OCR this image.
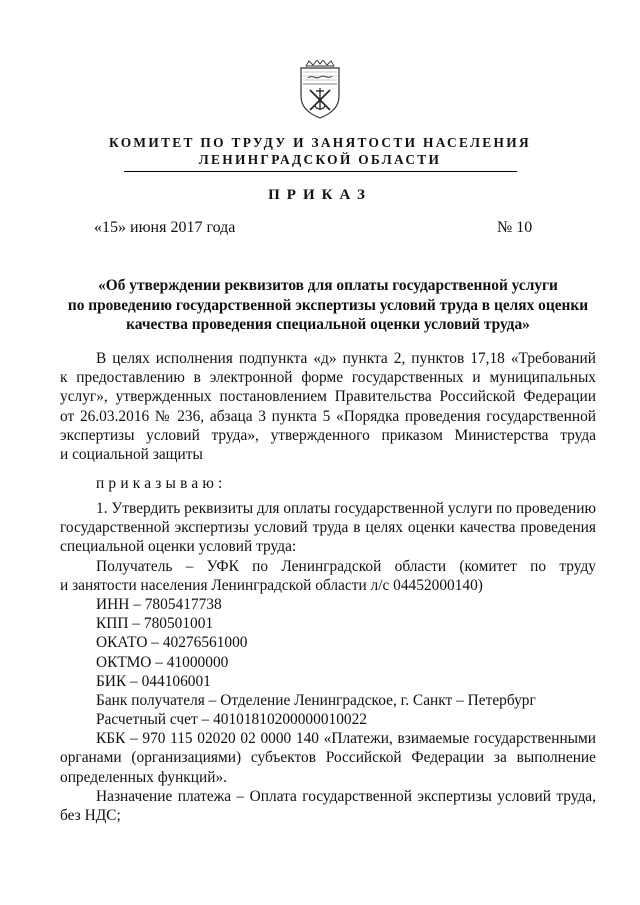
КОМИТЕТ ПО ТРУДУ И ЗАНЯТОСТИ НАСЕЛЕНИЯ
ЛЕНИНГРАДСКОЙ ОБЛАСТИ
ПРИКАЗ
«15» июня 2017 года	№ 10
«Об утверждении реквизитов для оплаты государственной услуги
по проведению государственной экспертизы условий труда в целях оценки
качества проведения специальной оценки условий труда»
В целях исполнения подпункта «д» пункта 2, пунктов 17,18 «Требований
к предоставлению в электронной форме государственных и муниципальных
услуг», утвержденных постановлением Правительства Российской Федерации
от 26.03.2016 № 236, абзаца 3 пункта 5 «Порядка проведения государственной
экспертизы условий труда», утвержденного приказом Министерства труда
и социальной защиты
приказываю:
1. Утвердить реквизиты для оплаты государственной услуги по проведению
государственной экспертизы условий труда в целях оценки качества проведения
специальной оценки условий труда:
Получатель – УФК по Ленинградской области (комитет по труду
и занятости населения Ленинградской области л/с 04452000140)
ИНН – 7805417738
КПП – 780501001
ОКАТО – 40276561000
ОКТМО – 41000000
БИК – 044106001
Банк получателя – Отделение Ленинградское, г. Санкт – Петербург
Расчетный счет – 40101810200000010022
КБК – 970 115 02020 02 0000 140 «Платежи, взимаемые государственными
органами (организациями) субъектов Российской Федерации за выполнение
определенных функций».
Назначение платежа – Оплата государственной экспертизы условий труда,
без НДС;
